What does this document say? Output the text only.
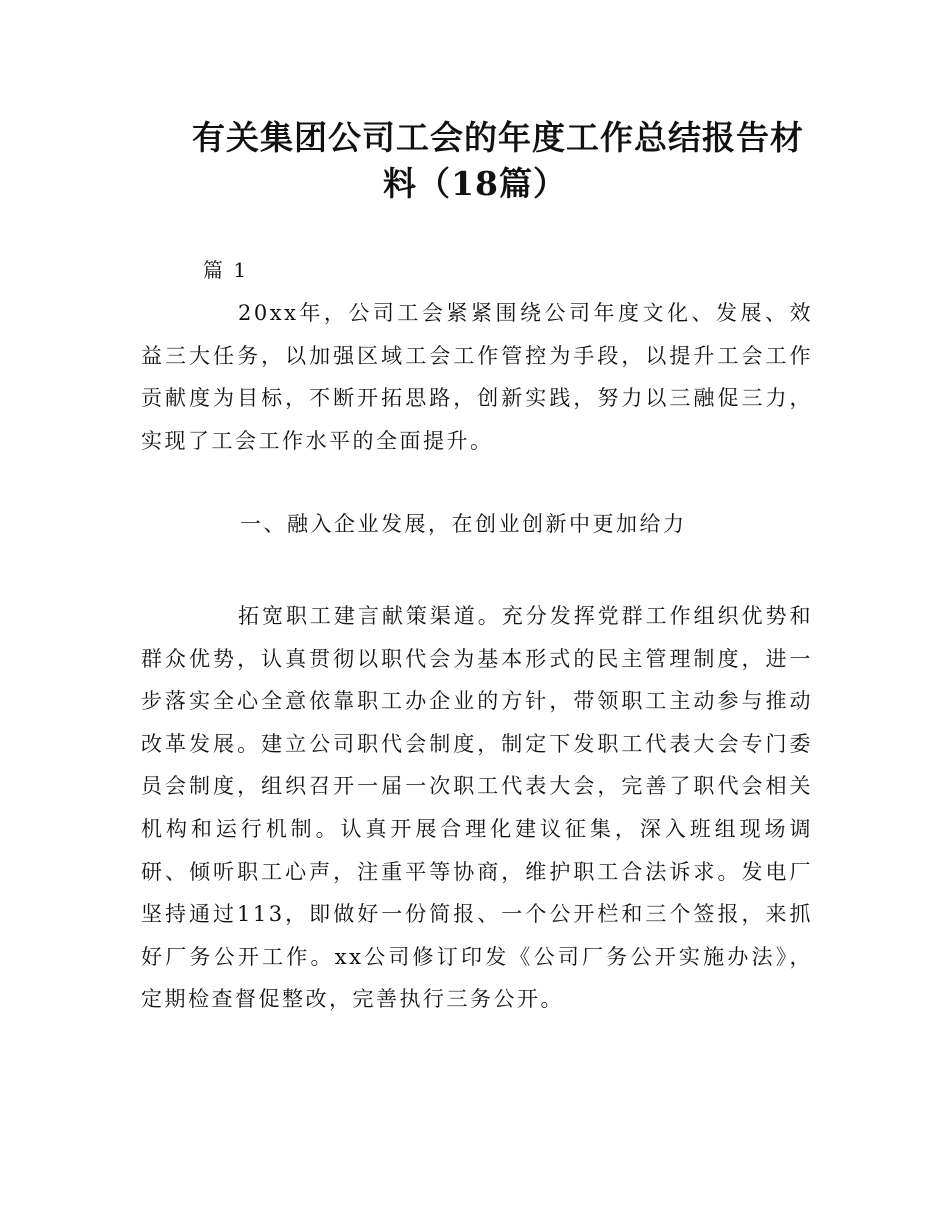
有关集团公司工会的年度工作总结报告材
料（18篇）
篇 1

20xx年，公司工会紧紧围绕公司年度文化、发展、效益三大任务，以加强区域工会工作管控为手段，以提升工会工作贡献度为目标，不断开拓思路，创新实践，努力以三融促三力，实现了工会工作水平的全面提升。

一、融入企业发展，在创业创新中更加给力

拓宽职工建言献策渠道。充分发挥党群工作组织优势和群众优势，认真贯彻以职代会为基本形式的民主管理制度，进一步落实全心全意依靠职工办企业的方针，带领职工主动参与推动改革发展。建立公司职代会制度，制定下发职工代表大会专门委员会制度，组织召开一届一次职工代表大会，完善了职代会相关机构和运行机制。认真开展合理化建议征集，深入班组现场调研、倾听职工心声，注重平等协商，维护职工合法诉求。发电厂坚持通过113，即做好一份简报、一个公开栏和三个签报，来抓好厂务公开工作。xx公司修订印发《公司厂务公开实施办法》，定期检查督促整改，完善执行三务公开。
